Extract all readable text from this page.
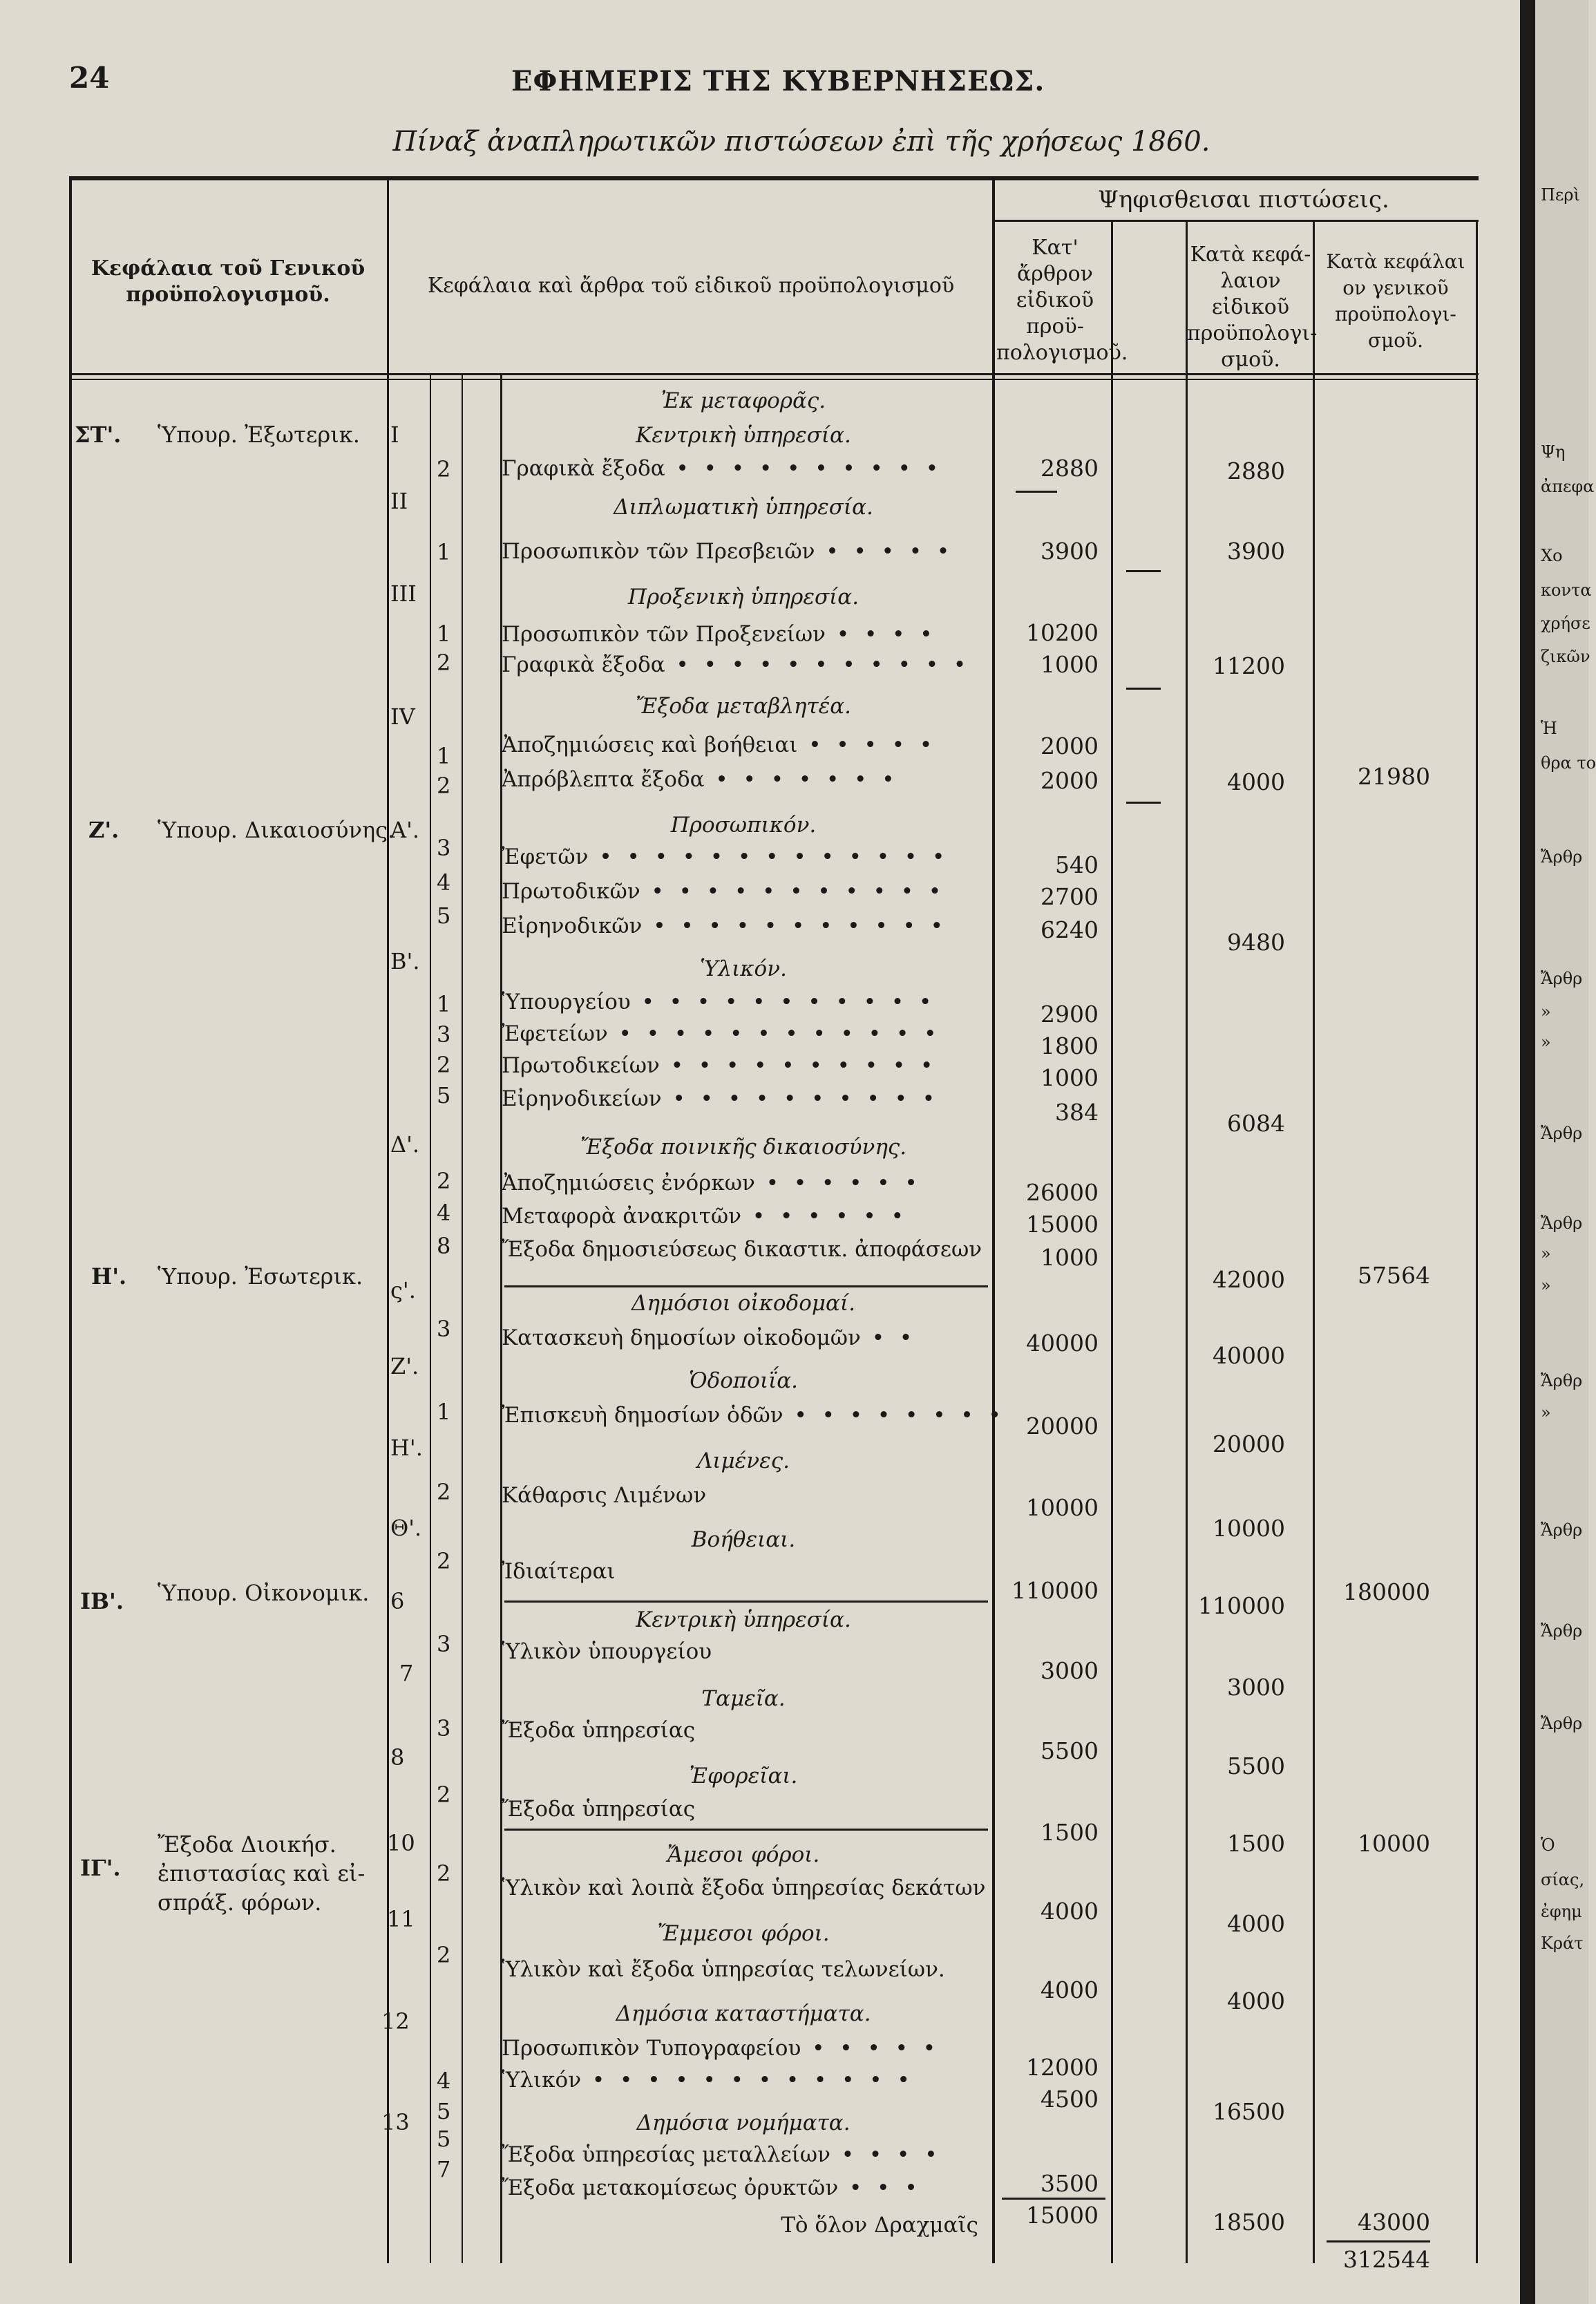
24	ΕΦΗΜΕΡΙΣ ΤΗΣ ΚΥΒΕΡΝΗΣΕΩΣ.
Πίναξ ἀναπληρωτικῶν πιστώσεων ἐπὶ τῆς χρήσεως 1860.
Κεφάλαια τοῦ Γενικοῦ προϋπολογισμοῦ.	Κεφάλαια καὶ ἄρθρα τοῦ εἰδικοῦ προϋπολογισμοῦ
Ψηφισθεισαι πιστώσεις.
Κατ' ἄρθρον εἰδικοῦ προϋ-πολογισμοῦ.
Κατὰ κεφά-λαιον εἰδικοῦ προϋπολογι-σμοῦ.
Κατὰ κεφάλαι ον γενικοῦ προϋπολογι-σμοῦ.
Ἐκ μεταφορᾶς.
ΣΤ'. Ὑπουρ. Ἐξωτερικ.
Ζ'. Ὑπουρ. Δικαιοσύνης.
Η'. Ὑπουρ. Ἐσωτερικ.
ΙΒ'. Ὑπουρ. Οἰκονομικ.
ΙΓ'.
Ἔξοδα Διοικήσ. ἐπιστασίας καὶ εἰ-σπράξ. φόρων.
Ι
ΙΙ
ΙΙΙ
ΙV
Α'.
Β'.
Δ'.
ς'.
Ζ'.
Η'.
Θ'.
6
7
8
10
11
12
13
2
1
1
2
1
2
3
4
5
1
3
2
5
2
4
8
3
1
2
2
3
3
2
2
2
4
5
5
7
Κεντρικὴ ὑπηρεσία.
Διπλωματικὴ ὑπηρεσία.
Προξενικὴ ὑπηρεσία.
Ἔξοδα μεταβλητέα.
Προσωπικόν.
Ὑλικόν.
Ἔξοδα ποινικῆς δικαιοσύνης.
Δημόσιοι οἰκοδομαί.
Ὁδοποιΐα.
Λιμένες.
Βοήθειαι.
Κεντρικὴ ὑπηρεσία.
Ταμεῖα.
Ἐφορεῖαι.
Ἄμεσοι φόροι.
Ἔμμεσοι φόροι.
Δημόσια καταστήματα.
Δημόσια νομήματα.
Γραφικὰ ἔξοδα • • • • • • • • • •
Προσωπικὸν τῶν Πρεσβειῶν • • • • •
Προσωπικὸν τῶν Προξενείων • • • •
Γραφικὰ ἔξοδα • • • • • • • • • • •
Ἀποζημιώσεις καὶ βοήθειαι • • • • •
Ἀπρόβλεπτα ἔξοδα • • • • • • •
Ἐφετῶν • • • • • • • • • • • • •
Πρωτοδικῶν • • • • • • • • • • •
Εἰρηνοδικῶν • • • • • • • • • • •
Ὑπουργείου • • • • • • • • • • •
Ἐφετείων • • • • • • • • • • • •
Πρωτοδικείων • • • • • • • • • •
Εἰρηνοδικείων • • • • • • • • • •
Ἀποζημιώσεις ἐνόρκων • • • • • •
Μεταφορὰ ἀνακριτῶν • • • • • •
Ἔξοδα δημοσιεύσεως δικαστικ. ἀποφάσεων
Κατασκευὴ δημοσίων οἰκοδομῶν • •
Ἐπισκευὴ δημοσίων ὁδῶν • • • • • • • •
Κάθαρσις Λιμένων
Ἰδιαίτεραι
Ὑλικὸν ὑπουργείου
Ἔξοδα ὑπηρεσίας
Ἔξοδα ὑπηρεσίας
Ὑλικὸν καὶ λοιπὰ ἔξοδα ὑπηρεσίας δεκάτων
Ὑλικὸν καὶ ἔξοδα ὑπηρεσίας τελωνείων.
Προσωπικὸν Τυπογραφείου • • • • •
Ὑλικόν • • • • • • • • • • • •
Ἔξοδα ὑπηρεσίας μεταλλείων • • • •
Ἔξοδα μετακομίσεως ὀρυκτῶν • • •
2880
3900
10200
1000
2000
2000
540
2700
6240
2900
1800
1000
384
26000
15000
1000
40000
20000
10000
110000
3000
5500
1500
4000
4000
12000
4500
3500
15000
2880
3900
11200
4000
9480
6084
42000
40000
20000
10000
110000
3000
5500
1500
4000
4000
16500
18500
21980
57564
180000
10000
43000
Τὸ ὅλον Δραχμαῖς
312544
Περὶ
Ψη
ἀπεφα
Χο
κοντα
χρήσε
ζικῶν
Ἡ
θρα το
Ἄρθρ
Ἄρθρ
»
»
Ἄρθρ
Ἄρθρ
»
»
Ἄρθρ
»
Ἄρθρ
Ἄρθρ
Ἄρθρ
Ὁ
σίας,
ἐφημ
Κράτ
